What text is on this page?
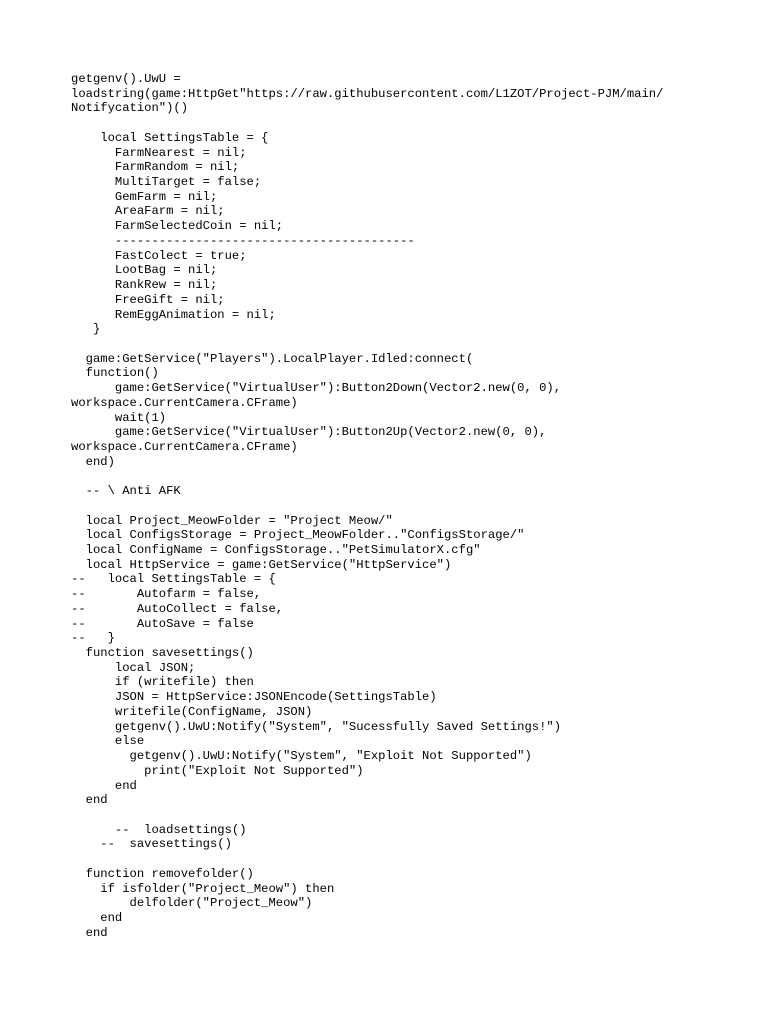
getgenv().UwU =
loadstring(game:HttpGet"https://raw.githubusercontent.com/L1ZOT/Project-PJM/main/
Notifycation")()
local SettingsTable = {
FarmNearest = nil;
FarmRandom = nil;
MultiTarget = false;
GemFarm = nil;
AreaFarm = nil;
FarmSelectedCoin = nil;
-----------------------------------------
FastColect = true;
LootBag = nil;
RankRew = nil;
FreeGift = nil;
RemEggAnimation = nil;
}
game:GetService("Players").LocalPlayer.Idled:connect(
function()
game:GetService("VirtualUser"):Button2Down(Vector2.new(0, 0),
workspace.CurrentCamera.CFrame)
wait(1)
game:GetService("VirtualUser"):Button2Up(Vector2.new(0, 0),
workspace.CurrentCamera.CFrame)
end)
-- \ Anti AFK
local Project_MeowFolder = "Project Meow/"
local ConfigsStorage = Project_MeowFolder.."ConfigsStorage/"
local ConfigName = ConfigsStorage.."PetSimulatorX.cfg"
local HttpService = game:GetService("HttpService")
--   local SettingsTable = {
--       Autofarm = false,
--       AutoCollect = false,
--       AutoSave = false
--   }
function savesettings()
local JSON;
if (writefile) then
JSON = HttpService:JSONEncode(SettingsTable)
writefile(ConfigName, JSON)
getgenv().UwU:Notify("System", "Sucessfully Saved Settings!")
else
getgenv().UwU:Notify("System", "Exploit Not Supported")
print("Exploit Not Supported")
end
end
--  loadsettings()
--  savesettings()
function removefolder()
if isfolder("Project_Meow") then
delfolder("Project_Meow")
end
end
